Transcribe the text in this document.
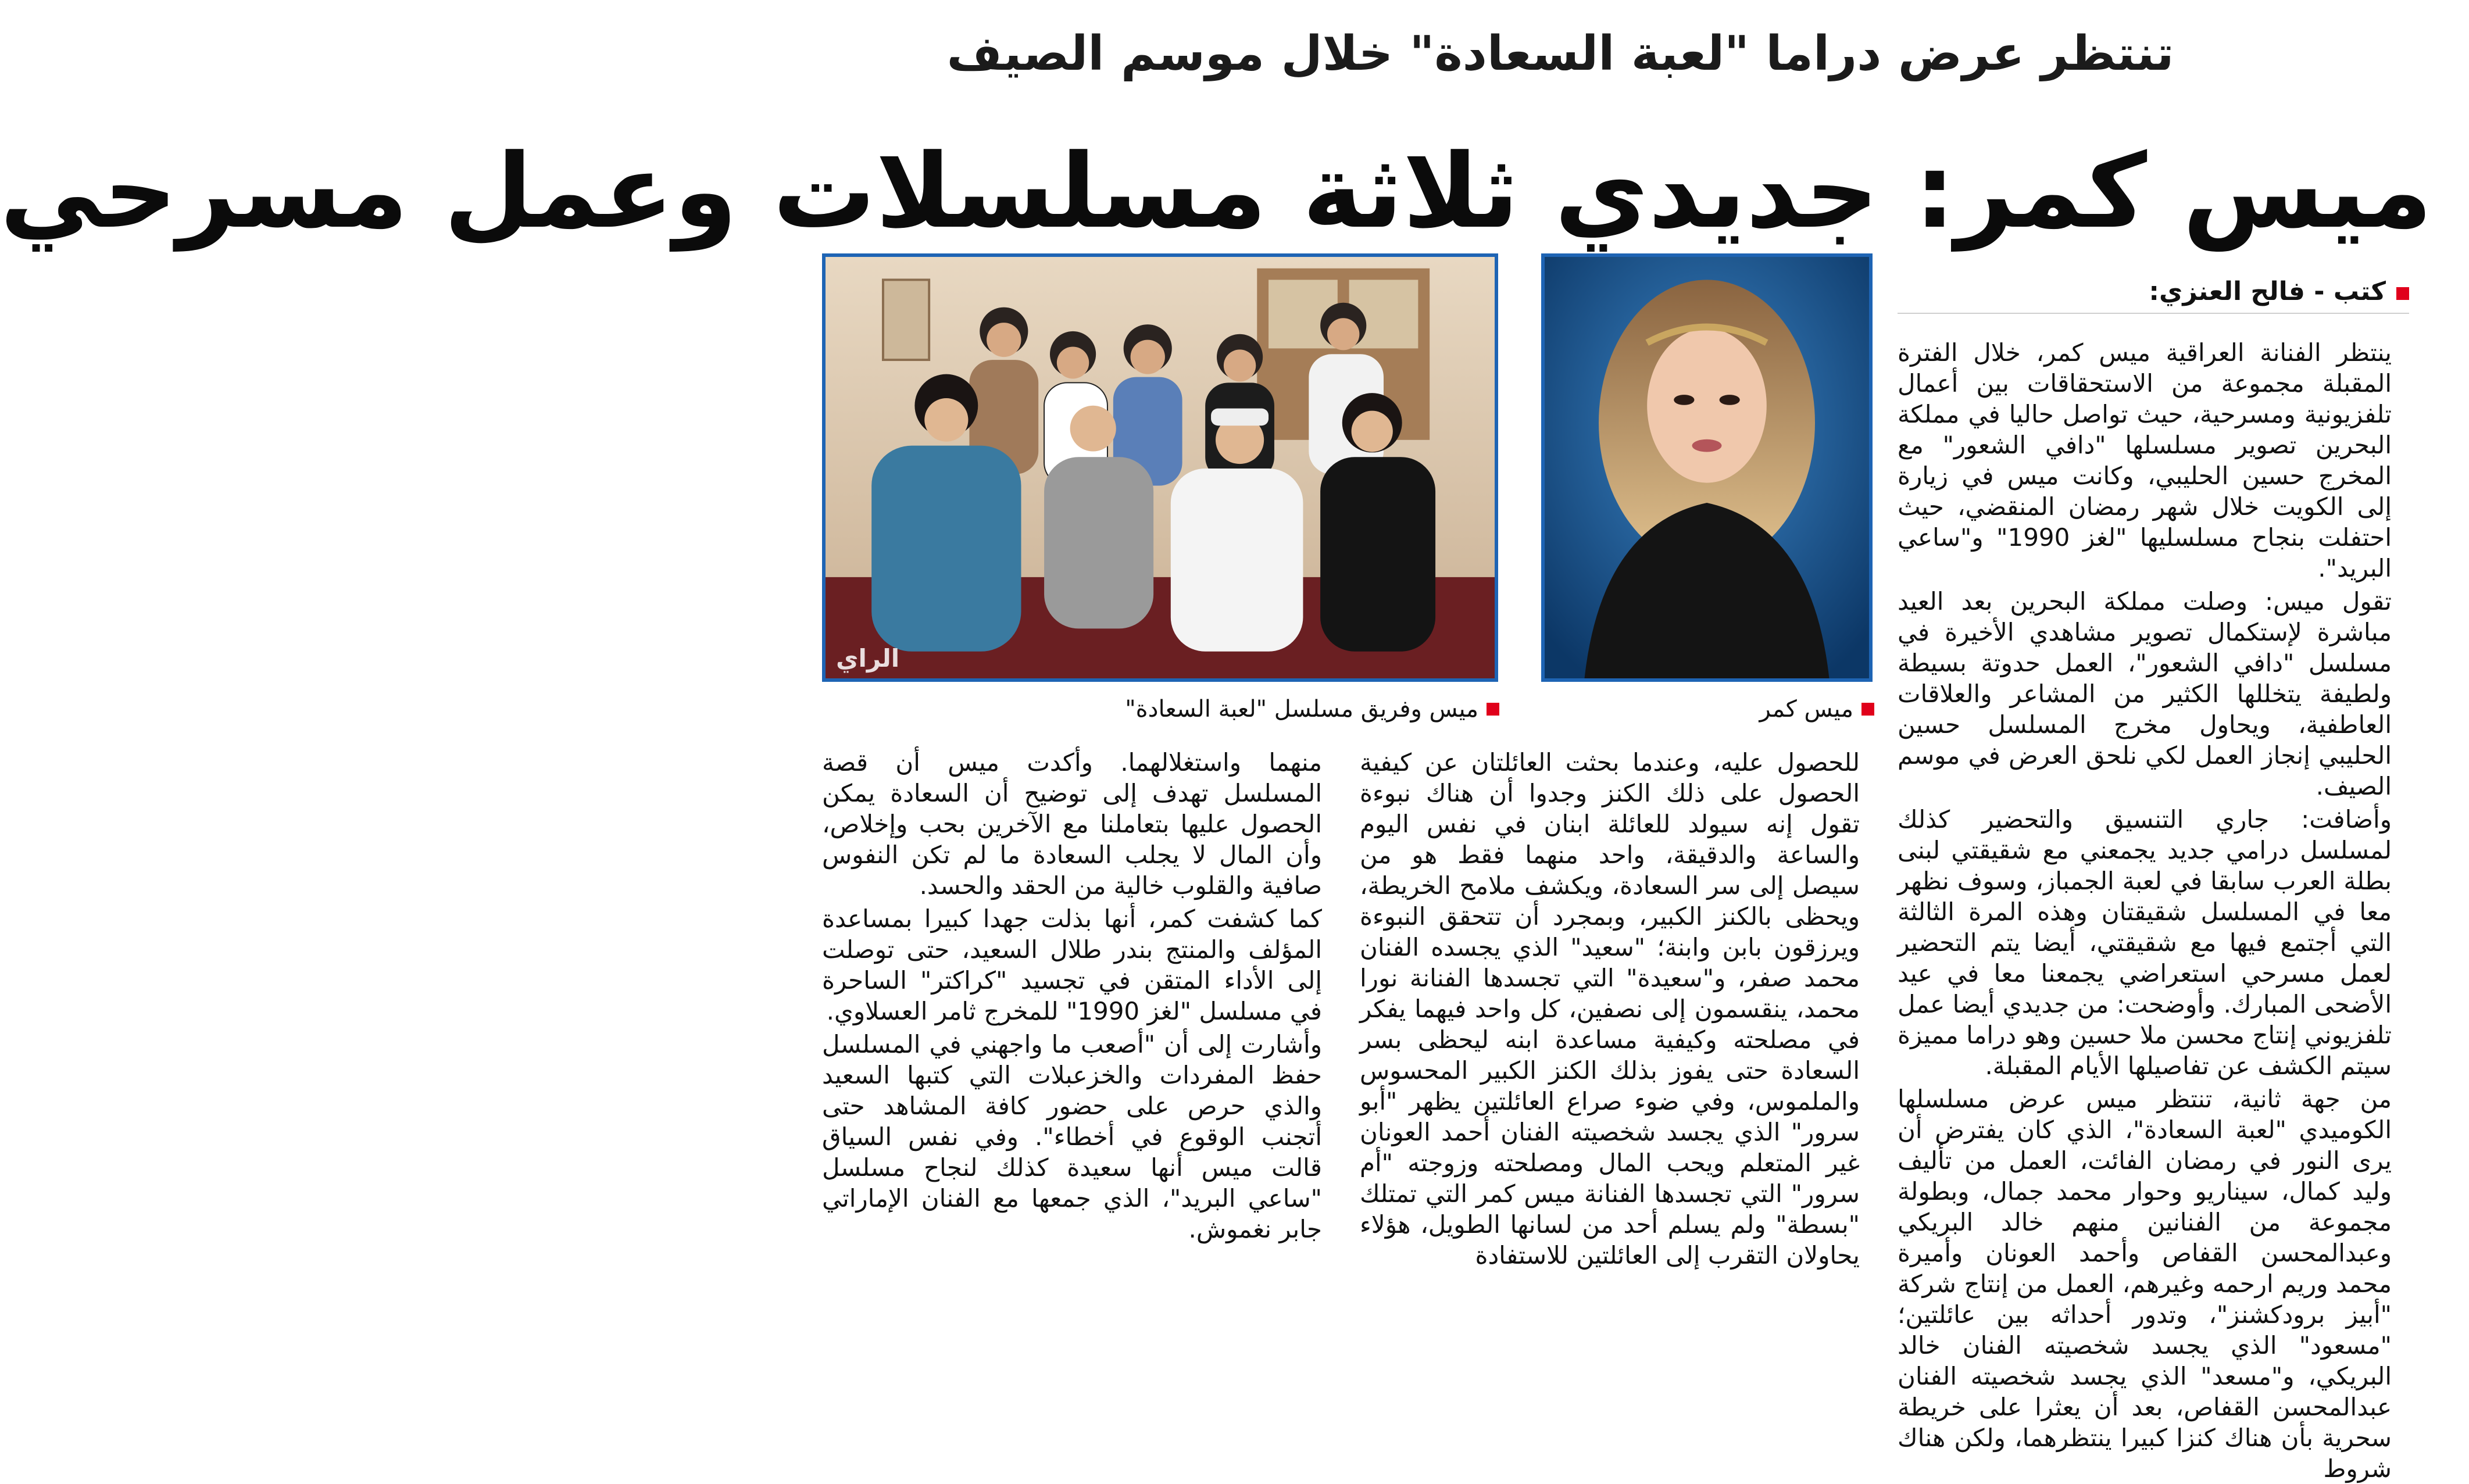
تنتظر عرض دراما "لعبة السعادة" خلال موسم الصيف
ميس كمر: جديدي ثلاثة مسلسلات وعمل مسرحي
كتب - فالح العنزي:
الراي
ميس وفريق مسلسل "لعبة السعادة"	ميس كمر

ينتظر الفنانة العراقية ميس كمر، خلال الفترة المقبلة مجموعة من الاستحقاقات بين أعمال تلفزيونية ومسرحية، حيث تواصل حاليا في مملكة البحرين تصوير مسلسلها "دافي الشعور" مع المخرج حسين الحليبي، وكانت ميس في زيارة إلى الكويت خلال شهر رمضان المنقضي، حيث احتفلت بنجاح مسلسليها "لغز 1990" و"ساعي البريد".

تقول ميس: وصلت مملكة البحرين بعد العيد مباشرة لإستكمال تصوير مشاهدي الأخيرة في مسلسل "دافي الشعور"، العمل حدوتة بسيطة ولطيفة يتخللها الكثير من المشاعر والعلاقات العاطفية، ويحاول مخرج المسلسل حسين الحليبي إنجاز العمل لكي نلحق العرض في موسم الصيف.

وأضافت: جاري التنسيق والتحضير كذلك لمسلسل درامي جديد يجمعني مع شقيقتي لبنى بطلة العرب سابقا في لعبة الجمباز، وسوف نظهر معا في المسلسل شقيقتان وهذه المرة الثالثة التي أجتمع فيها مع شقيقتي، أيضا يتم التحضير لعمل مسرحي استعراضي يجمعنا معا في عيد الأضحى المبارك. وأوضحت: من جديدي أيضا عمل تلفزيوني إنتاج محسن ملا حسين وهو دراما مميزة سيتم الكشف عن تفاصيلها الأيام المقبلة.

من جهة ثانية، تنتظر ميس عرض مسلسلها الكوميدي "لعبة السعادة"، الذي كان يفترض أن يرى النور في رمضان الفائت، العمل من تأليف وليد كمال، سيناريو وحوار محمد جمال، وبطولة مجموعة من الفنانين منهم خالد البريكي وعبدالمحسن القفاص وأحمد العونان وأميرة محمد وريم ارحمه وغيرهم، العمل من إنتاج شركة "أبيز برودكشنز"، وتدور أحداثه بين عائلتين؛ "مسعود" الذي يجسد شخصيته الفنان خالد البريكي، و"مسعد" الذي يجسد شخصيته الفنان عبدالمحسن القفاص، بعد أن يعثرا على خريطة سحرية بأن هناك كنزا كبيرا ينتظرهما، ولكن هناك شروط

للحصول عليه، وعندما بحثت العائلتان عن كيفية الحصول على ذلك الكنز وجدوا أن هناك نبوءة تقول إنه سيولد للعائلة ابنان في نفس اليوم والساعة والدقيقة، واحد منهما فقط هو من سيصل إلى سر السعادة، ويكشف ملامح الخريطة، ويحظى بالكنز الكبير، وبمجرد أن تتحقق النبوءة ويرزقون بابن وابنة؛ "سعيد" الذي يجسده الفنان محمد صفر، و"سعيدة" التي تجسدها الفنانة نورا محمد، ينقسمون إلى نصفين، كل واحد فيهما يفكر في مصلحته وكيفية مساعدة ابنه ليحظى بسر السعادة حتى يفوز بذلك الكنز الكبير المحسوس والملموس، وفي ضوء صراع العائلتين يظهر "أبو سرور" الذي يجسد شخصيته الفنان أحمد العونان غير المتعلم ويحب المال ومصلحته وزوجته "أم سرور" التي تجسدها الفنانة ميس كمر التي تمتلك "بسطة" ولم يسلم أحد من لسانها الطويل، هؤلاء يحاولان التقرب إلى العائلتين للاستفادة

منهما واستغلالهما. وأكدت ميس أن قصة المسلسل تهدف إلى توضيح أن السعادة يمكن الحصول عليها بتعاملنا مع الآخرين بحب وإخلاص، وأن المال لا يجلب السعادة ما لم تكن النفوس صافية والقلوب خالية من الحقد والحسد.

كما كشفت كمر، أنها بذلت جهدا كبيرا بمساعدة المؤلف والمنتج بندر طلال السعيد، حتى توصلت إلى الأداء المتقن في تجسيد "كراكتر" الساحرة في مسلسل "لغز 1990" للمخرج ثامر العسلاوي.

وأشارت إلى أن "أصعب ما واجهني في المسلسل حفظ المفردات والخزعبلات التي كتبها السعيد والذي حرص على حضور كافة المشاهد حتى أتجنب الوقوع في أخطاء". وفي نفس السياق قالت ميس أنها سعيدة كذلك لنجاح مسلسل "ساعي البريد"، الذي جمعها مع الفنان الإماراتي جابر نغموش.
